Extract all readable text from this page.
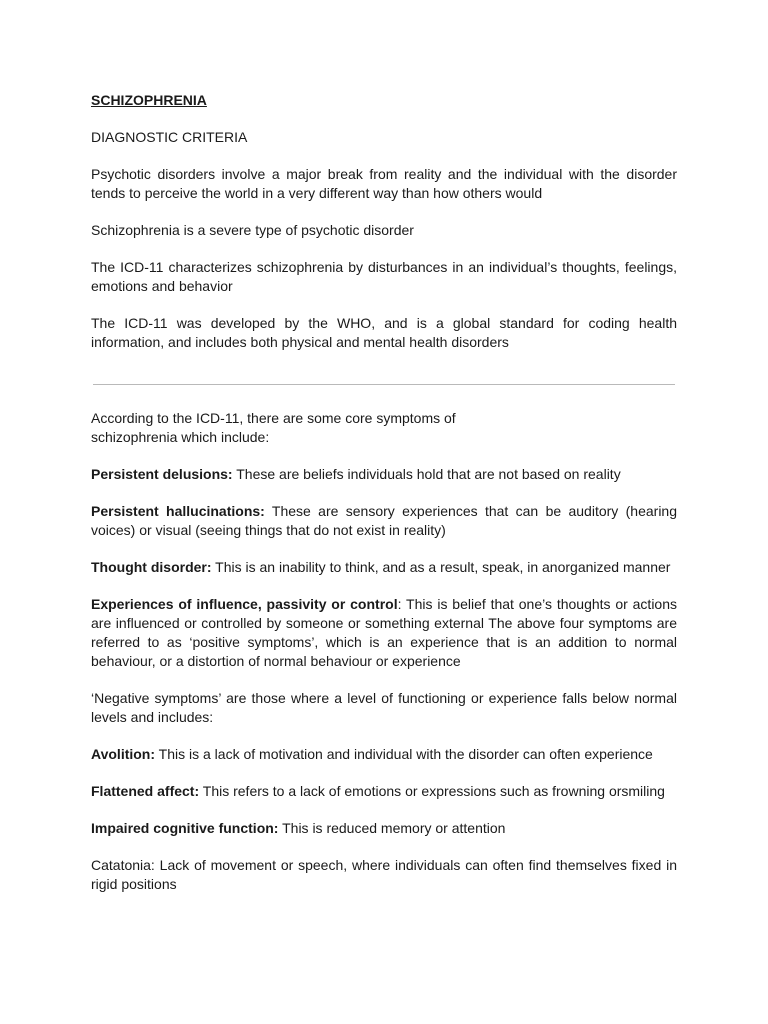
SCHIZOPHRENIA

DIAGNOSTIC CRITERIA

Psychotic disorders involve a major break from reality and the individual with the disorder tends to perceive the world in a very different way than how others would

Schizophrenia is a severe type of psychotic disorder

The ICD-11 characterizes schizophrenia by disturbances in an individual’s thoughts, feelings, emotions and behavior

The ICD-11 was developed by the WHO, and is a global standard for coding health information, and includes both physical and mental health disorders

According to the ICD-11, there are some core symptoms of schizophrenia which include:

Persistent delusions: These are beliefs individuals hold that are not based on reality

Persistent hallucinations: These are sensory experiences that can be auditory (hearing voices) or visual (seeing things that do not exist in reality)

Thought disorder: This is an inability to think, and as a result, speak, in anorganized manner

Experiences of influence, passivity or control: This is belief that one’s thoughts or actions are influenced or controlled by someone or something external The above four symptoms are referred to as ‘positive symptoms’, which is an experience that is an addition to normal behaviour, or a distortion of normal behaviour or experience

‘Negative symptoms’ are those where a level of functioning or experience falls below normal levels and includes:

Avolition: This is a lack of motivation and individual with the disorder can often experience

Flattened affect: This refers to a lack of emotions or expressions such as frowning orsmiling

Impaired cognitive function: This is reduced memory or attention

Catatonia: Lack of movement or speech, where individuals can often find themselves fixed in rigid positions
